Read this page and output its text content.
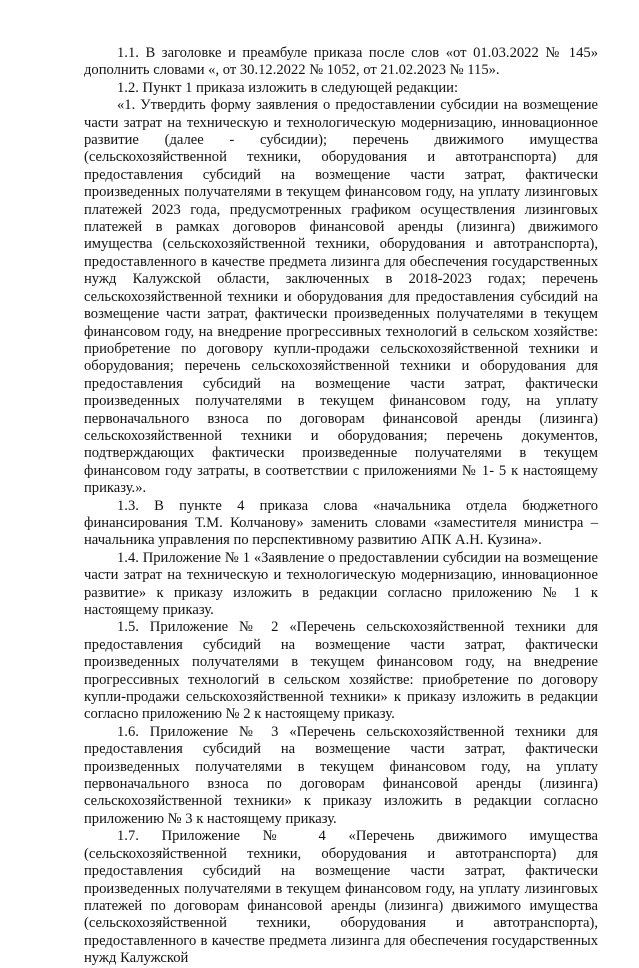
1.1. В заголовке и преамбуле приказа после слов «от 01.03.2022 № 145» дополнить словами «, от 30.12.2022 № 1052, от 21.02.2023 № 115».

1.2. Пункт 1 приказа изложить в следующей редакции:

«1. Утвердить форму заявления о предоставлении субсидии на возмещение части затрат на техническую и технологическую модернизацию, инновационное развитие (далее - субсидии); перечень движимого имущества (сельскохозяйственной техники, оборудования и автотранспорта) для предоставления субсидий на возмещение части затрат, фактически произведенных получателями в текущем финансовом году, на уплату лизинговых платежей 2023 года, предусмотренных графиком осуществления лизинговых платежей в рамках договоров финансовой аренды (лизинга) движимого имущества (сельскохозяйственной техники, оборудования и автотранспорта), предоставленного в качестве предмета лизинга для обеспечения государственных нужд Калужской области, заключенных в 2018-2023 годах; перечень сельскохозяйственной техники и оборудования для предоставления субсидий на возмещение части затрат, фактически произведенных получателями в текущем финансовом году, на внедрение прогрессивных технологий в сельском хозяйстве: приобретение по договору купли-продажи сельскохозяйственной техники и оборудования; перечень сельскохозяйственной техники и оборудования для предоставления субсидий на возмещение части затрат, фактически произведенных получателями в текущем финансовом году, на уплату первоначального взноса по договорам финансовой аренды (лизинга) сельскохозяйственной техники и оборудования; перечень документов, подтверждающих фактически произведенные получателями в текущем финансовом году затраты, в соответствии с приложениями № 1- 5 к настоящему приказу.».

1.3. В пункте 4 приказа слова «начальника отдела бюджетного финансирования Т.М. Колчанову» заменить словами «заместителя министра – начальника управления по перспективному развитию АПК А.Н. Кузина».

1.4. Приложение № 1 «Заявление о предоставлении субсидии на возмещение части затрат на техническую и технологическую модернизацию, инновационное развитие» к приказу изложить в редакции согласно приложению № 1 к настоящему приказу.

1.5. Приложение № 2 «Перечень сельскохозяйственной техники для предоставления субсидий на возмещение части затрат, фактически произведенных получателями в текущем финансовом году, на внедрение прогрессивных технологий в сельском хозяйстве: приобретение по договору купли-продажи сельскохозяйственной техники» к приказу изложить в редакции согласно приложению № 2 к настоящему приказу.

1.6. Приложение № 3 «Перечень сельскохозяйственной техники для предоставления субсидий на возмещение части затрат, фактически произведенных получателями в текущем финансовом году, на уплату первоначального взноса по договорам финансовой аренды (лизинга) сельскохозяйственной техники» к приказу изложить в редакции согласно приложению № 3 к настоящему приказу.

1.7. Приложение № 4 «Перечень движимого имущества (сельскохозяйственной техники, оборудования и автотранспорта) для предоставления субсидий на возмещение части затрат, фактически произведенных получателями в текущем финансовом году, на уплату лизинговых платежей по договорам финансовой аренды (лизинга) движимого имущества (сельскохозяйственной техники, оборудования и автотранспорта), предоставленного в качестве предмета лизинга для обеспечения государственных нужд Калужской
